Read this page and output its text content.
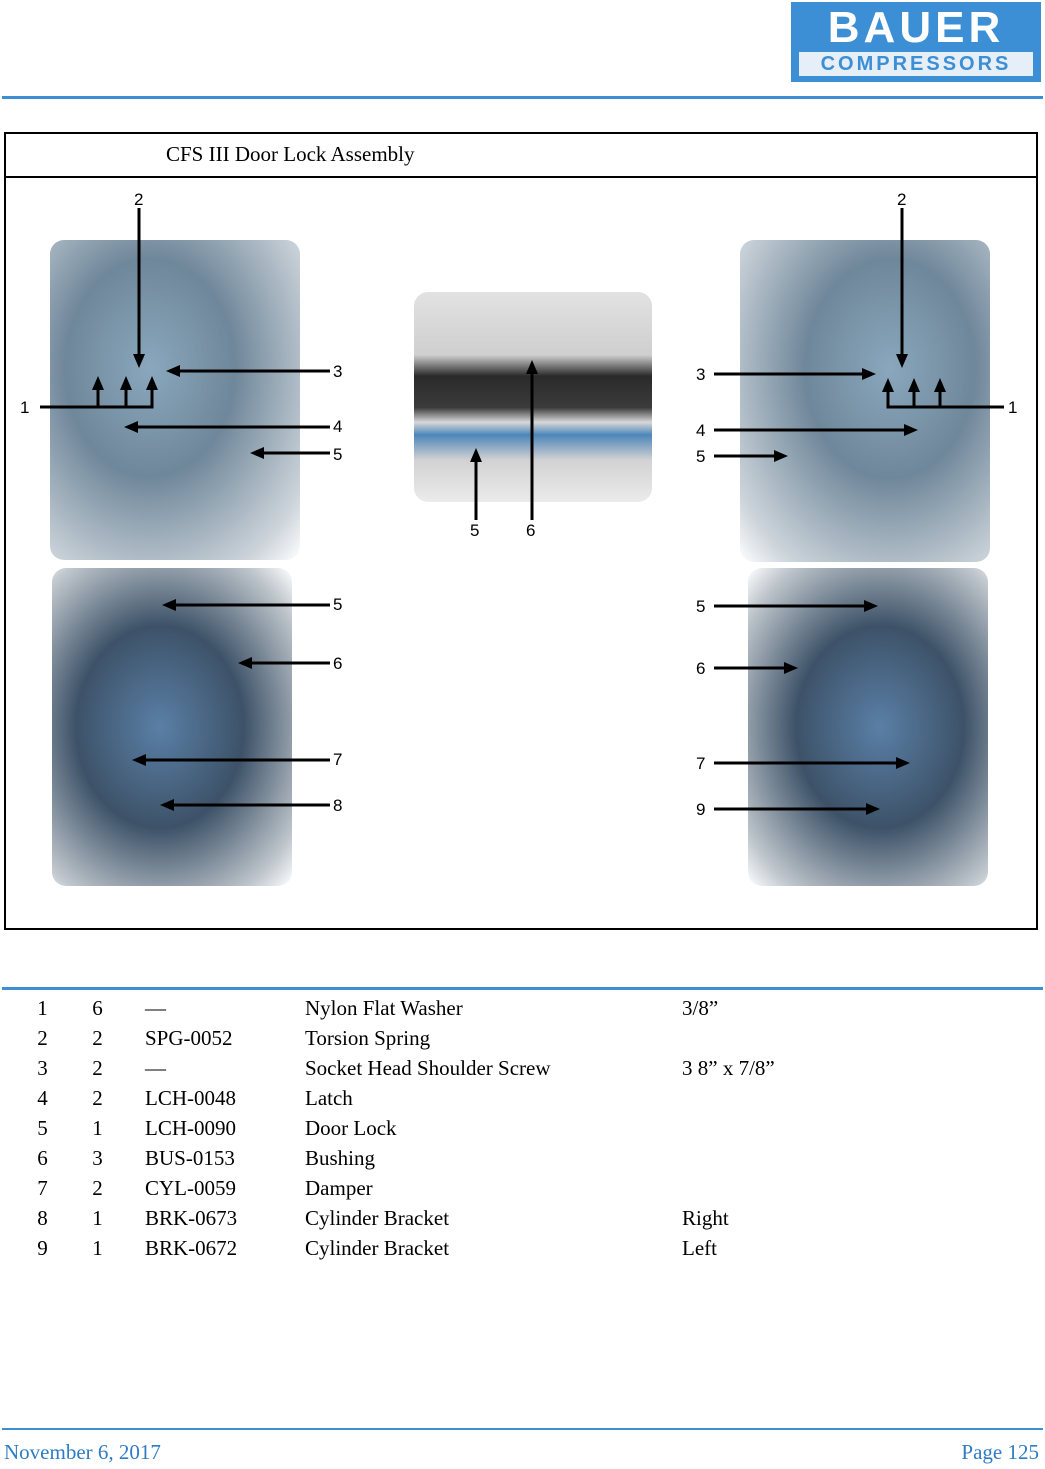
BAUER
COMPRESSORS
CFS III Door Lock Assembly
2
3
1
4
5
5	6
2
3
1
4
5
5
6
7
8
5
6
7
9
1	6	—	Nylon Flat Washer	3/8”
2	2	SPG-0052	Torsion Spring	
3	2	—	Socket Head Shoulder Screw	3 8” x 7/8”
4	2	LCH-0048	Latch	
5	1	LCH-0090	Door Lock	
6	3	BUS-0153	Bushing	
7	2	CYL-0059	Damper	
8	1	BRK-0673	Cylinder Bracket	Right
9	1	BRK-0672	Cylinder Bracket	Left
November 6, 2017	Page 125
